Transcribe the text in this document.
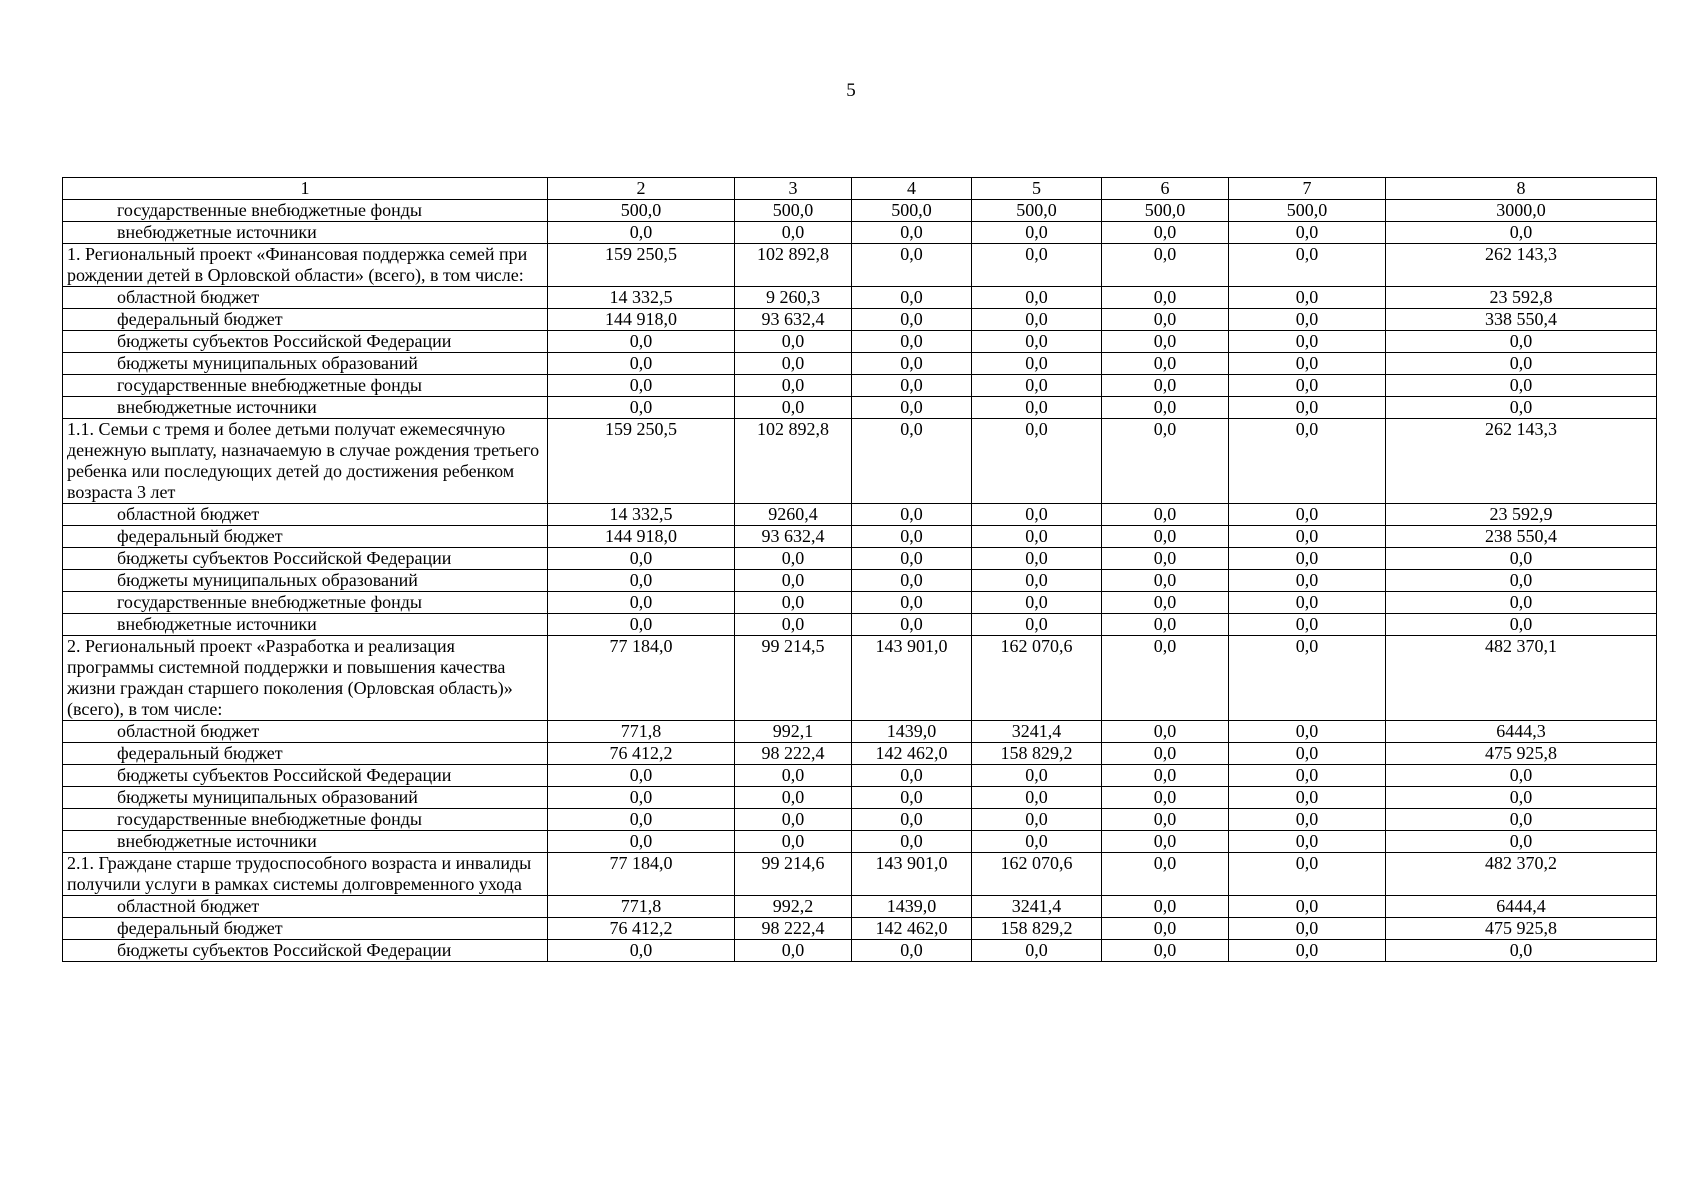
5
1	2	3	4	5	6	7	8
государственные внебюджетные фонды	500,0	500,0	500,0	500,0	500,0	500,0	3000,0
внебюджетные источники	0,0	0,0	0,0	0,0	0,0	0,0	0,0
1. Региональный проект «Финансовая поддержка семей при рождении детей в Орловской области» (всего), в том числе:	159 250,5	102 892,8	0,0	0,0	0,0	0,0	262 143,3
областной бюджет	14 332,5	9 260,3	0,0	0,0	0,0	0,0	23 592,8
федеральный бюджет	144 918,0	93 632,4	0,0	0,0	0,0	0,0	338 550,4
бюджеты субъектов Российской Федерации	0,0	0,0	0,0	0,0	0,0	0,0	0,0
бюджеты муниципальных образований	0,0	0,0	0,0	0,0	0,0	0,0	0,0
государственные внебюджетные фонды	0,0	0,0	0,0	0,0	0,0	0,0	0,0
внебюджетные источники	0,0	0,0	0,0	0,0	0,0	0,0	0,0
1.1. Семьи с тремя и более детьми получат ежемесячную денежную выплату, назначаемую в случае рождения третьего ребенка или последующих детей до достижения ребенком возраста 3 лет	159 250,5	102 892,8	0,0	0,0	0,0	0,0	262 143,3
областной бюджет	14 332,5	9260,4	0,0	0,0	0,0	0,0	23 592,9
федеральный бюджет	144 918,0	93 632,4	0,0	0,0	0,0	0,0	238 550,4
бюджеты субъектов Российской Федерации	0,0	0,0	0,0	0,0	0,0	0,0	0,0
бюджеты муниципальных образований	0,0	0,0	0,0	0,0	0,0	0,0	0,0
государственные внебюджетные фонды	0,0	0,0	0,0	0,0	0,0	0,0	0,0
внебюджетные источники	0,0	0,0	0,0	0,0	0,0	0,0	0,0
2. Региональный проект «Разработка и реализация программы системной поддержки и повышения качества жизни граждан старшего поколения (Орловская область)» (всего), в том числе:	77 184,0	99 214,5	143 901,0	162 070,6	0,0	0,0	482 370,1
областной бюджет	771,8	992,1	1439,0	3241,4	0,0	0,0	6444,3
федеральный бюджет	76 412,2	98 222,4	142 462,0	158 829,2	0,0	0,0	475 925,8
бюджеты субъектов Российской Федерации	0,0	0,0	0,0	0,0	0,0	0,0	0,0
бюджеты муниципальных образований	0,0	0,0	0,0	0,0	0,0	0,0	0,0
государственные внебюджетные фонды	0,0	0,0	0,0	0,0	0,0	0,0	0,0
внебюджетные источники	0,0	0,0	0,0	0,0	0,0	0,0	0,0
2.1. Граждане старше трудоспособного возраста и инвалиды получили услуги в рамках системы долговременного ухода	77 184,0	99 214,6	143 901,0	162 070,6	0,0	0,0	482 370,2
областной бюджет	771,8	992,2	1439,0	3241,4	0,0	0,0	6444,4
федеральный бюджет	76 412,2	98 222,4	142 462,0	158 829,2	0,0	0,0	475 925,8
бюджеты субъектов Российской Федерации	0,0	0,0	0,0	0,0	0,0	0,0	0,0
